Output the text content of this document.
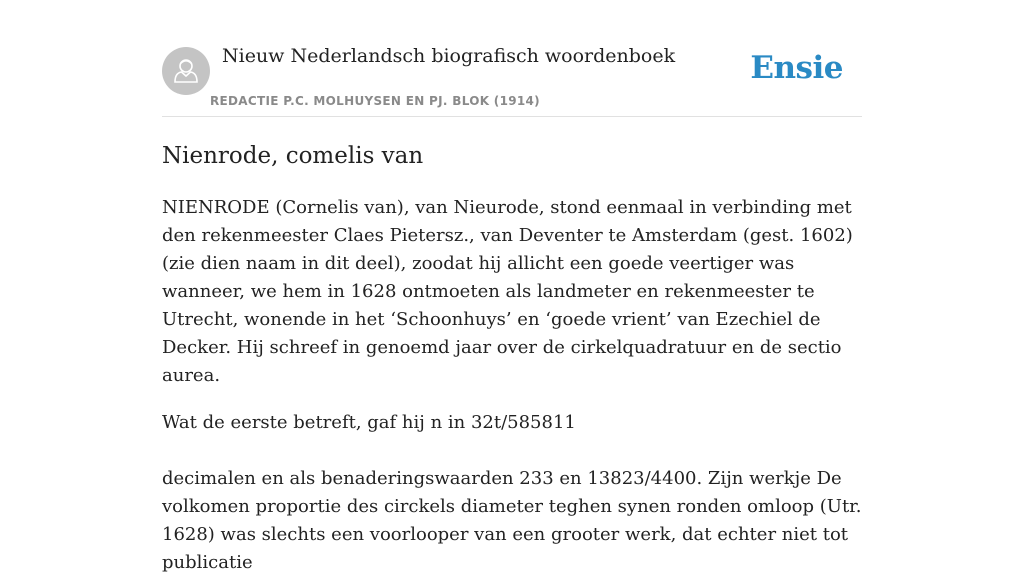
Nieuw Nederlandsch biografisch woordenboek
REDACTIE P.C. MOLHUYSEN EN PJ. BLOK (1914)
Ensie
Nienrode, comelis van

NIENRODE (Cornelis van), van Nieurode, stond eenmaal in verbinding met den rekenmeester Claes Pietersz., van Deventer te Amsterdam (gest. 1602) (zie dien naam in dit deel), zoodat hij allicht een goede veertiger was wanneer, we hem in 1628 ontmoeten als landmeter en rekenmeester te Utrecht, wonende in het ‘Schoonhuys’ en ‘goede vrient’ van Ezechiel de Decker. Hij schreef in genoemd jaar over de cirkelquadratuur en de sectio aurea.

Wat de eerste betreft, gaf hij n in 32t/585811

decimalen en als benaderingswaarden 233 en 13823/4400. Zijn werkje De volkomen proportie des circkels diameter teghen synen ronden omloop (Utr. 1628) was slechts een voorlooper van een grooter werk, dat echter niet tot publicatie
